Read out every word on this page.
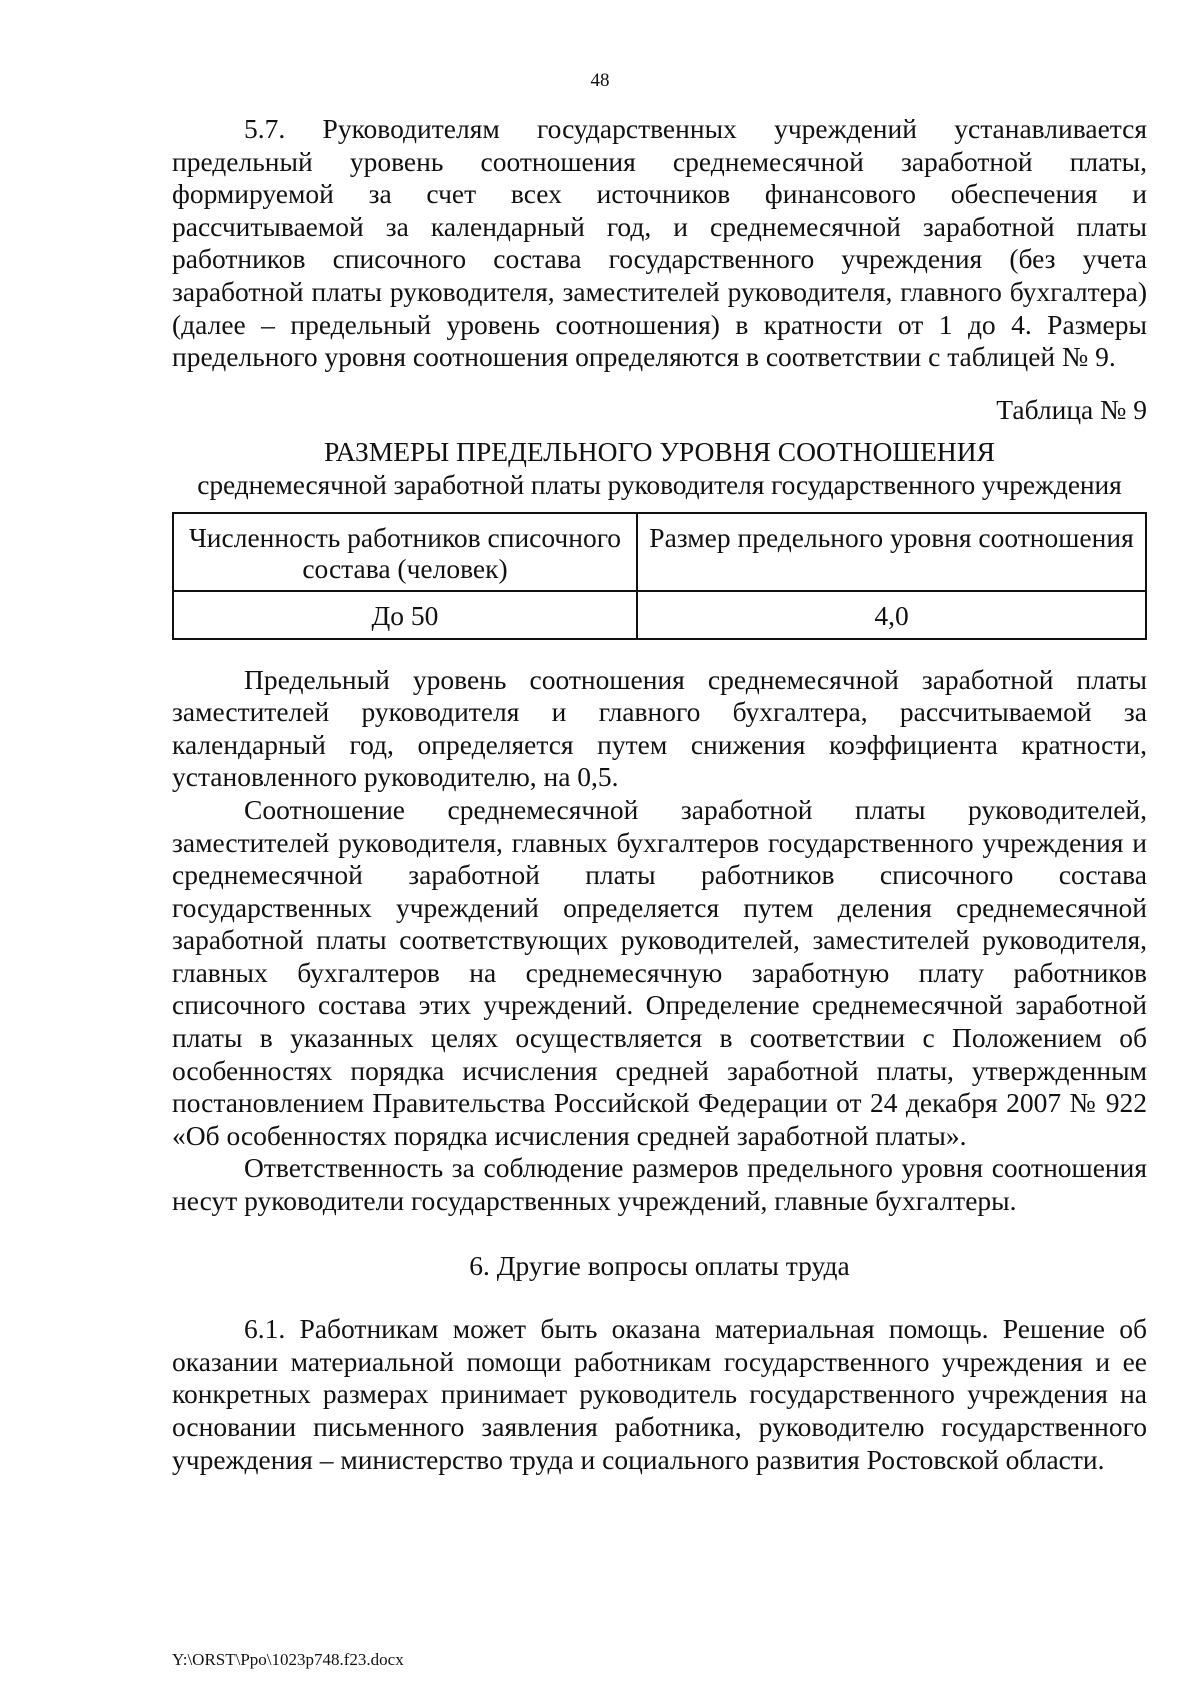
48

5.7. Руководителям государственных учреждений устанавливается предельный уровень соотношения среднемесячной заработной платы, формируемой за счет всех источников финансового обеспечения и рассчитываемой за календарный год, и среднемесячной заработной платы работников списочного состава государственного учреждения (без учета заработной платы руководителя, заместителей руководителя, главного бухгалтера) (далее – предельный уровень соотношения) в кратности от 1 до 4. Размеры предельного уровня соотношения определяются в соответствии с таблицей № 9.

Таблица № 9

РАЗМЕРЫ ПРЕДЕЛЬНОГО УРОВНЯ СООТНОШЕНИЯ

среднемесячной заработной платы руководителя государственного учреждения

Численность работников списочного состава (человек)	Размер предельного уровня соотношения
До 50	4,0

Предельный уровень соотношения среднемесячной заработной платы заместителей руководителя и главного бухгалтера, рассчитываемой за календарный год, определяется путем снижения коэффициента кратности, установленного руководителю, на 0,5.

Соотношение среднемесячной заработной платы руководителей, заместителей руководителя, главных бухгалтеров государственного учреждения и среднемесячной заработной платы работников списочного состава государственных учреждений определяется путем деления среднемесячной заработной платы соответствующих руководителей, заместителей руководителя, главных бухгалтеров на среднемесячную заработную плату работников списочного состава этих учреждений. Определение среднемесячной заработной платы в указанных целях осуществляется в соответствии с Положением об особенностях порядка исчисления средней заработной платы, утвержденным постановлением Правительства Российской Федерации от 24 декабря 2007 № 922 «Об особенностях порядка исчисления средней заработной платы».

Ответственность за соблюдение размеров предельного уровня соотношения несут руководители государственных учреждений, главные бухгалтеры.

6. Другие вопросы оплаты труда

6.1. Работникам может быть оказана материальная помощь. Решение об оказании материальной помощи работникам государственного учреждения и ее конкретных размерах принимает руководитель государственного учреждения на основании письменного заявления работника, руководителю государственного учреждения – министерство труда и социального развития Ростовской области.

Y:\ORST\Ppo\1023p748.f23.docx
